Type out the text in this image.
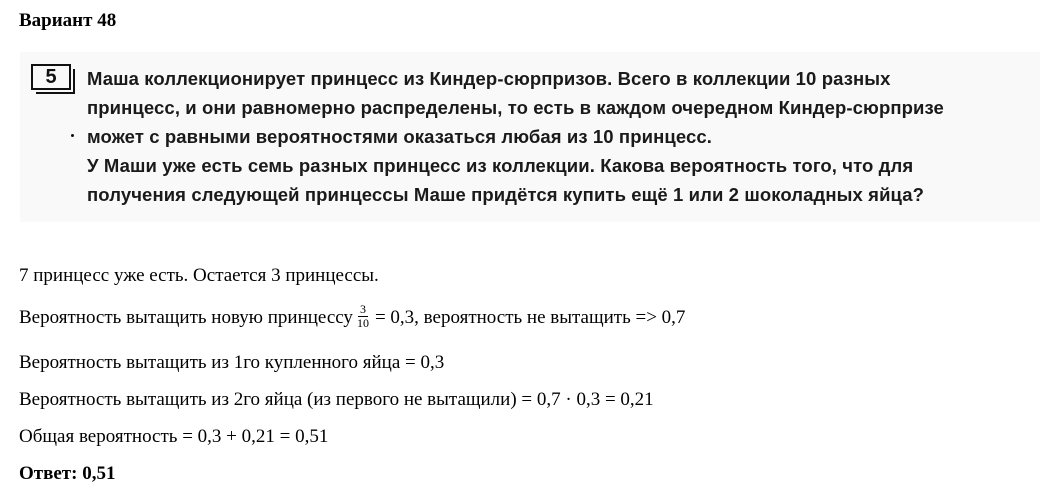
Вариант 48
5	Маша коллекционирует принцесс из Киндер-сюрпризов. Всего в коллекции 10 разных
принцесс, и они равномерно распределены, то есть в каждом очередном Киндер-сюрпризе
может с равными вероятностями оказаться любая из 10 принцесс.
У Маши уже есть семь разных принцесс из коллекции. Какова вероятность того, что для
получения следующей принцессы Маше придётся купить ещё 1 или 2 шоколадных яйца?
7 принцесс уже есть. Остается 3 принцессы.
Вероятность вытащить новую принцессу $\frac{3}{10} = 0,3$, вероятность не вытащить => 0,7
Вероятность вытащить из 1го купленного яйца = 0,3
Вероятность вытащить из 2го яйца (из первого не вытащили) = 0,7 · 0,3 = 0,21
Общая вероятность = 0,3 + 0,21 = 0,51
Ответ: 0,51
